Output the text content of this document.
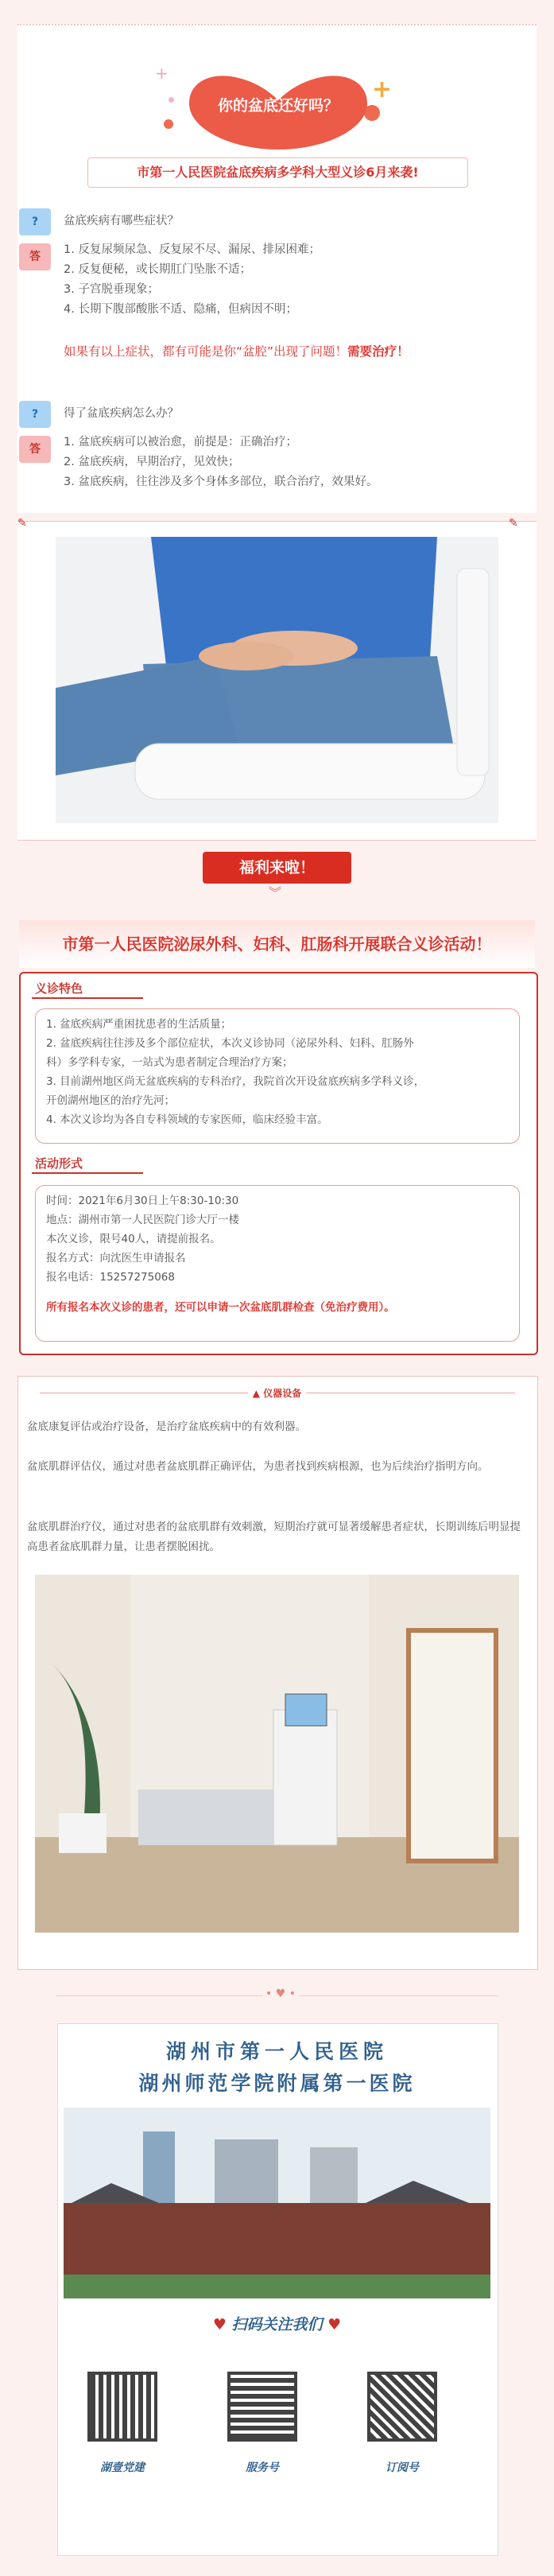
+
+
你的盆底还好吗？
市第一人民医院盆底疾病多学科大型义诊6月来袭!
?	盆底疾病有哪些症状？
答
1. 反复尿频尿急、反复尿不尽、漏尿、排尿困难；
2. 反复便秘，或长期肛门坠胀不适；
3. 子宫脱垂现象；
4. 长期下腹部酸胀不适、隐痛，但病因不明；
如果有以上症状，都有可能是你“盆腔”出现了问题！需要治疗！
?	得了盆底疾病怎么办？
答
1. 盆底疾病可以被治愈，前提是：正确治疗；
2. 盆底疾病，早期治疗，见效快；
3. 盆底疾病，往往涉及多个身体多部位，联合治疗，效果好。
✎	✎
福利来啦！
︾
市第一人民医院泌尿外科、妇科、肛肠科开展联合义诊活动！
义诊特色
1. 盆底疾病严重困扰患者的生活质量；
2. 盆底疾病往往涉及多个部位症状，本次义诊协同（泌尿外科、妇科、肛肠外
科）多学科专家，一站式为患者制定合理治疗方案；
3. 目前湖州地区尚无盆底疾病的专科治疗，我院首次开设盆底疾病多学科义诊，
开创湖州地区的治疗先河；
4. 本次义诊均为各自专科领域的专家医师，临床经验丰富。
活动形式
时间：2021年6月30日上午8:30-10:30
地点：湖州市第一人民医院门诊大厅一楼
本次义诊，限号40人，请提前报名。
报名方式：向沈医生申请报名
报名电话：15257275068
所有报名本次义诊的患者，还可以申请一次盆底肌群检查（免治疗费用）。
▲ 仪器设备
盆底康复评估或治疗设备，是治疗盆底疾病中的有效利器。
盆底肌群评估仪，通过对患者盆底肌群正确评估，为患者找到疾病根源，也为后续治疗指明方向。
盆底肌群治疗仪，通过对患者的盆底肌群有效刺激，短期治疗就可显著缓解患者症状，长期训练后明显提高患者盆底肌群力量，让患者摆脱困扰。
• ♥ •
湖州市第一人民医院
湖州师范学院附属第一医院
♥ 扫码关注我们 ♥
湖壹党建	服务号	订阅号
